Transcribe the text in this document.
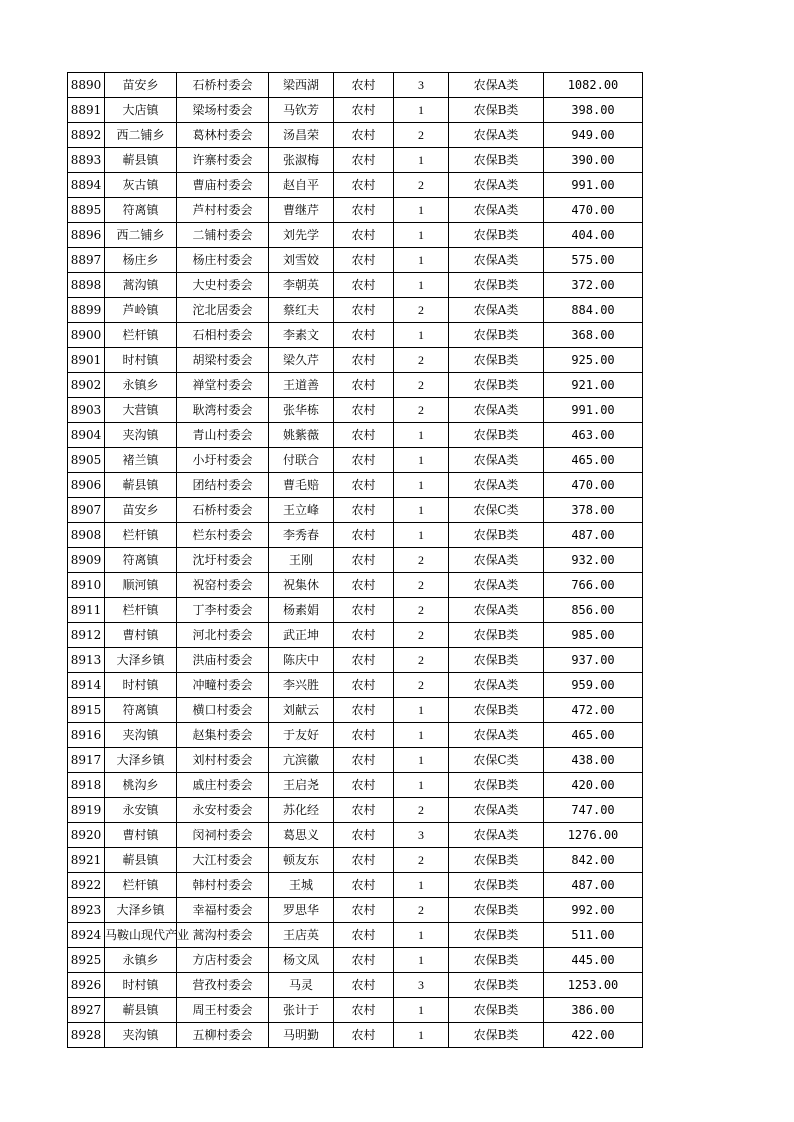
8890	苗安乡	石桥村委会	梁西湖	农村	3	农保A类	1082.00
8891	大店镇	梁场村委会	马钦芳	农村	1	农保B类	398.00
8892	西二铺乡	葛林村委会	汤昌荣	农村	2	农保A类	949.00
8893	蕲县镇	许寨村委会	张淑梅	农村	1	农保B类	390.00
8894	灰古镇	曹庙村委会	赵自平	农村	2	农保A类	991.00
8895	符离镇	芦村村委会	曹继芹	农村	1	农保A类	470.00
8896	西二铺乡	二铺村委会	刘先学	农村	1	农保B类	404.00
8897	杨庄乡	杨庄村委会	刘雪姣	农村	1	农保A类	575.00
8898	蒿沟镇	大史村委会	李朝英	农村	1	农保B类	372.00
8899	芦岭镇	沱北居委会	蔡红夫	农村	2	农保A类	884.00
8900	栏杆镇	石相村委会	李素文	农村	1	农保B类	368.00
8901	时村镇	胡梁村委会	梁久芹	农村	2	农保B类	925.00
8902	永镇乡	禅堂村委会	王道善	农村	2	农保B类	921.00
8903	大营镇	耿湾村委会	张华栋	农村	2	农保A类	991.00
8904	夹沟镇	青山村委会	姚紫薇	农村	1	农保B类	463.00
8905	褚兰镇	小圩村委会	付联合	农村	1	农保A类	465.00
8906	蕲县镇	团结村委会	曹毛赔	农村	1	农保A类	470.00
8907	苗安乡	石桥村委会	王立峰	农村	1	农保C类	378.00
8908	栏杆镇	栏东村委会	李秀春	农村	1	农保B类	487.00
8909	符离镇	沈圩村委会	王刚	农村	2	农保A类	932.00
8910	顺河镇	祝窑村委会	祝集休	农村	2	农保A类	766.00
8911	栏杆镇	丁李村委会	杨素娟	农村	2	农保A类	856.00
8912	曹村镇	河北村委会	武正坤	农村	2	农保B类	985.00
8913	大泽乡镇	洪庙村委会	陈庆中	农村	2	农保B类	937.00
8914	时村镇	冲疃村委会	李兴胜	农村	2	农保A类	959.00
8915	符离镇	横口村委会	刘献云	农村	1	农保B类	472.00
8916	夹沟镇	赵集村委会	于友好	农村	1	农保A类	465.00
8917	大泽乡镇	刘村村委会	亢滨徽	农村	1	农保C类	438.00
8918	桃沟乡	戚庄村委会	王启尧	农村	1	农保B类	420.00
8919	永安镇	永安村委会	苏化经	农村	2	农保A类	747.00
8920	曹村镇	闵祠村委会	葛思义	农村	3	农保A类	1276.00
8921	蕲县镇	大江村委会	顿友东	农村	2	农保B类	842.00
8922	栏杆镇	韩村村委会	王城	农村	1	农保B类	487.00
8923	大泽乡镇	幸福村委会	罗思华	农村	2	农保B类	992.00
8924	马鞍山现代产业	蒿沟村委会	王店英	农村	1	农保B类	511.00
8925	永镇乡	方店村委会	杨文凤	农村	1	农保B类	445.00
8926	时村镇	营孜村委会	马灵	农村	3	农保B类	1253.00
8927	蕲县镇	周王村委会	张计于	农村	1	农保B类	386.00
8928	夹沟镇	五柳村委会	马明勤	农村	1	农保B类	422.00
